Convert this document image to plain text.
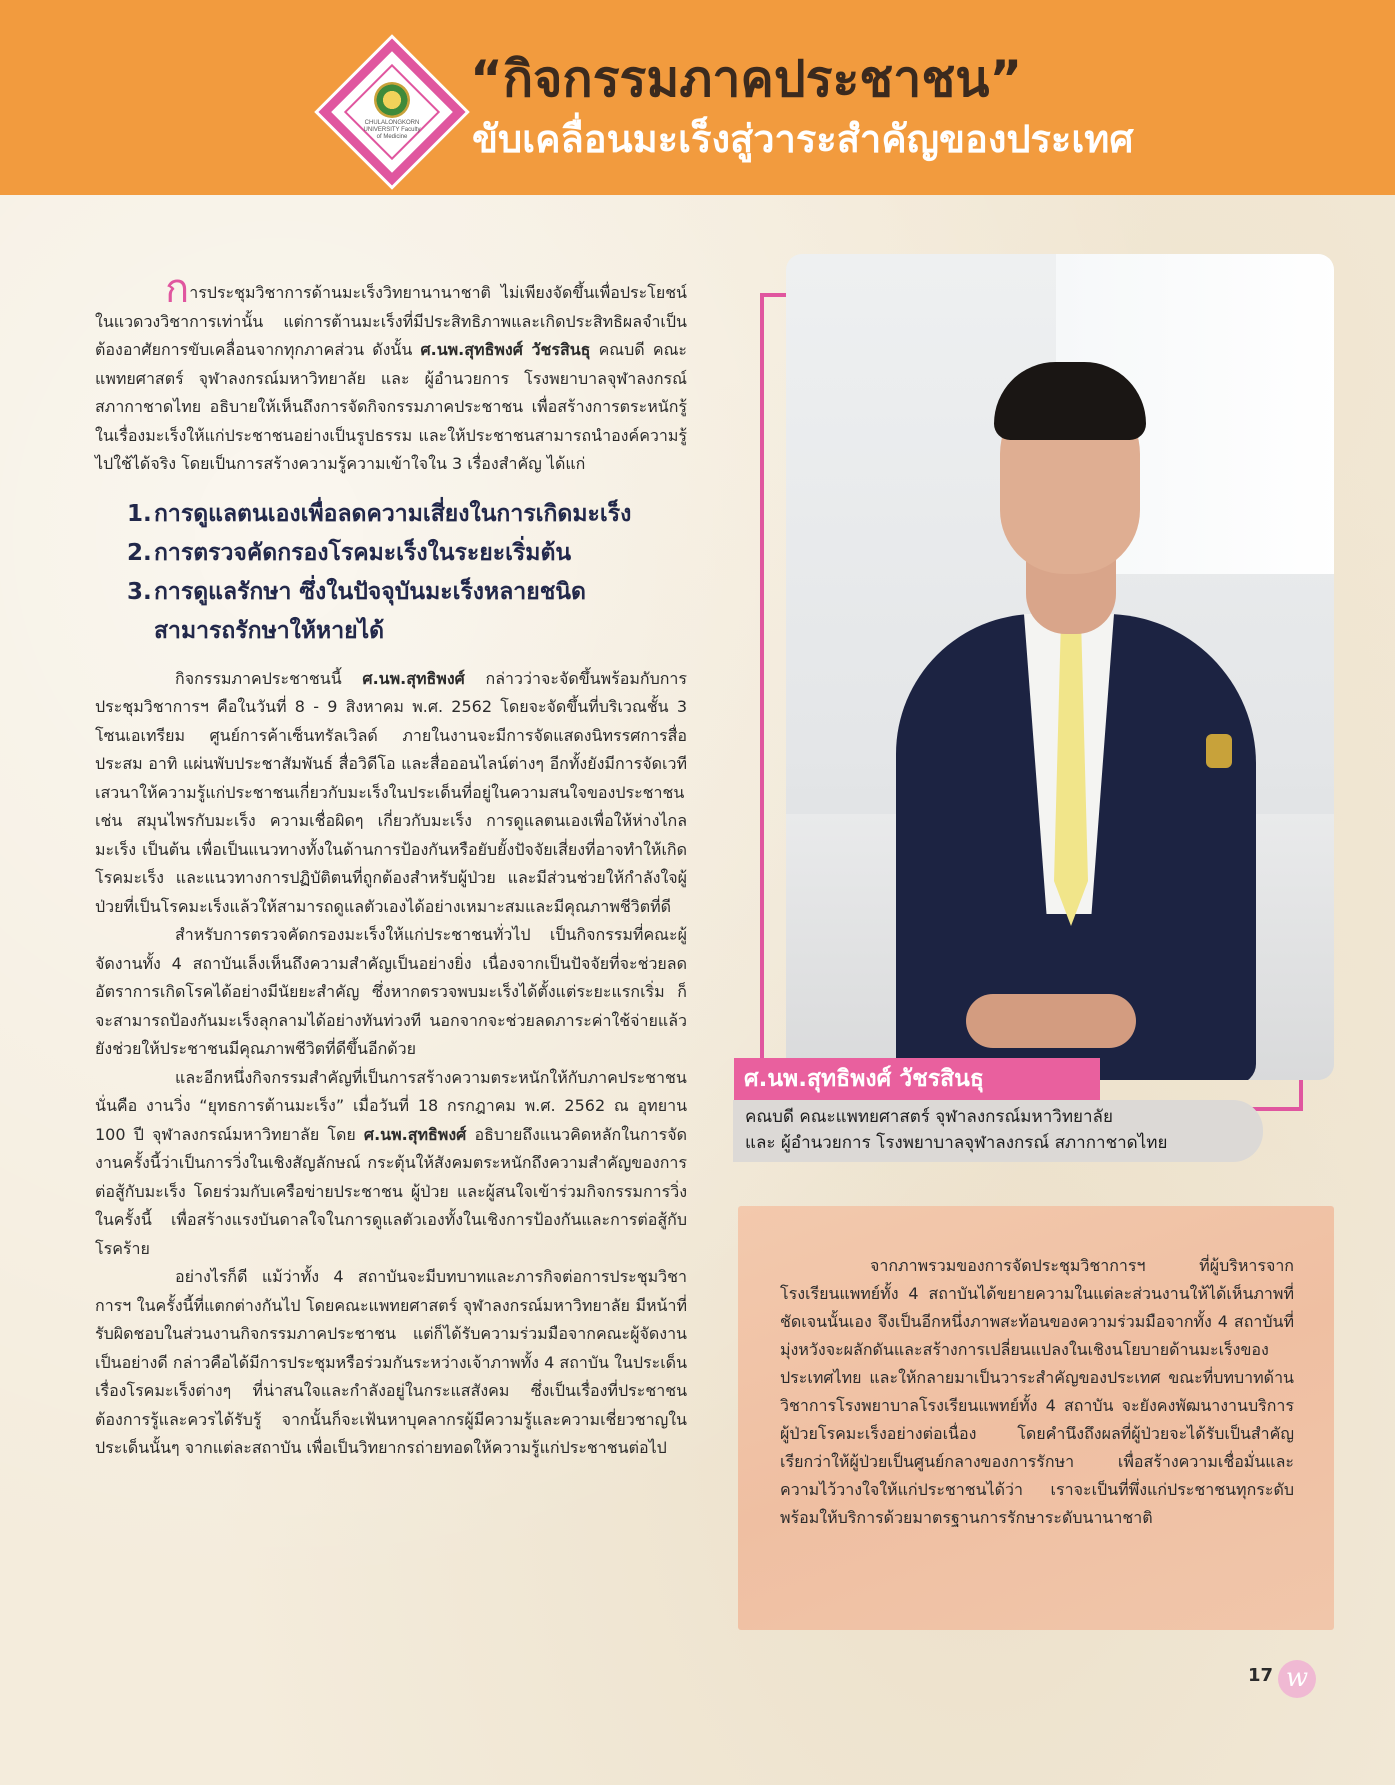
CHULALONGKORN UNIVERSITY Faculty of Medicine
“กิจกรรมภาคประชาชน”
ขับเคลื่อนมะเร็งสู่วาระสำคัญของประเทศ

การประชุมวิชาการด้านมะเร็งวิทยานานาชาติ ไม่เพียงจัดขึ้นเพื่อประโยชน์ในแวดวงวิชาการเท่านั้น แต่การต้านมะเร็งที่มีประสิทธิภาพและเกิดประสิทธิผลจำเป็นต้องอาศัยการขับเคลื่อนจากทุกภาคส่วน ดังนั้น ศ.นพ.สุทธิพงศ์ วัชรสินธุ คณบดี คณะแพทยศาสตร์ จุฬาลงกรณ์มหาวิทยาลัย และ ผู้อำนวยการ โรงพยาบาลจุฬาลงกรณ์ สภากาชาดไทย อธิบายให้เห็นถึงการจัดกิจกรรมภาคประชาชน เพื่อสร้างการตระหนักรู้ในเรื่องมะเร็งให้แก่ประชาชนอย่างเป็นรูปธรรม และให้ประชาชนสามารถนำองค์ความรู้ไปใช้ได้จริง โดยเป็นการสร้างความรู้ความเข้าใจใน 3 เรื่องสำคัญ ได้แก่

1.การดูแลตนเองเพื่อลดความเสี่ยงในการเกิดมะเร็ง
2.การตรวจคัดกรองโรคมะเร็งในระยะเริ่มต้น
3.การดูแลรักษา ซึ่งในปัจจุบันมะเร็งหลายชนิด
สามารถรักษาให้หายได้

กิจกรรมภาคประชาชนนี้ ศ.นพ.สุทธิพงศ์ กล่าวว่าจะจัดขึ้นพร้อมกับการประชุมวิชาการฯ คือในวันที่ 8 - 9 สิงหาคม พ.ศ. 2562 โดยจะจัดขึ้นที่บริเวณชั้น 3 โซนเอเทรียม ศูนย์การค้าเซ็นทรัลเวิลด์ ภายในงานจะมีการจัดแสดงนิทรรศการสื่อประสม อาทิ แผ่นพับประชาสัมพันธ์ สื่อวิดีโอ และสื่อออนไลน์ต่างๆ อีกทั้งยังมีการจัดเวทีเสวนาให้ความรู้แก่ประชาชนเกี่ยวกับมะเร็งในประเด็นที่อยู่ในความสนใจของประชาชน เช่น สมุนไพรกับมะเร็ง ความเชื่อผิดๆ เกี่ยวกับมะเร็ง การดูแลตนเองเพื่อให้ห่างไกลมะเร็ง เป็นต้น เพื่อเป็นแนวทางทั้งในด้านการป้องกันหรือยับยั้งปัจจัยเสี่ยงที่อาจทำให้เกิดโรคมะเร็ง และแนวทางการปฏิบัติตนที่ถูกต้องสำหรับผู้ป่วย และมีส่วนช่วยให้กำลังใจผู้ป่วยที่เป็นโรคมะเร็งแล้วให้สามารถดูแลตัวเองได้อย่างเหมาะสมและมีคุณภาพชีวิตที่ดี

สำหรับการตรวจคัดกรองมะเร็งให้แก่ประชาชนทั่วไป เป็นกิจกรรมที่คณะผู้จัดงานทั้ง 4 สถาบันเล็งเห็นถึงความสำคัญเป็นอย่างยิ่ง เนื่องจากเป็นปัจจัยที่จะช่วยลดอัตราการเกิดโรคได้อย่างมีนัยยะสำคัญ ซึ่งหากตรวจพบมะเร็งได้ตั้งแต่ระยะแรกเริ่ม ก็จะสามารถป้องกันมะเร็งลุกลามได้อย่างทันท่วงที นอกจากจะช่วยลดภาระค่าใช้จ่ายแล้ว ยังช่วยให้ประชาชนมีคุณภาพชีวิตที่ดีขึ้นอีกด้วย

และอีกหนึ่งกิจกรรมสำคัญที่เป็นการสร้างความตระหนักให้กับภาคประชาชนนั่นคือ งานวิ่ง “ยุทธการต้านมะเร็ง” เมื่อวันที่ 18 กรกฎาคม พ.ศ. 2562 ณ อุทยาน 100 ปี จุฬาลงกรณ์มหาวิทยาลัย โดย ศ.นพ.สุทธิพงศ์ อธิบายถึงแนวคิดหลักในการจัดงานครั้งนี้ว่าเป็นการวิ่งในเชิงสัญลักษณ์ กระตุ้นให้สังคมตระหนักถึงความสำคัญของการต่อสู้กับมะเร็ง โดยร่วมกับเครือข่ายประชาชน ผู้ป่วย และผู้สนใจเข้าร่วมกิจกรรมการวิ่งในครั้งนี้ เพื่อสร้างแรงบันดาลใจในการดูแลตัวเองทั้งในเชิงการป้องกันและการต่อสู้กับโรคร้าย

อย่างไรก็ดี แม้ว่าทั้ง 4 สถาบันจะมีบทบาทและภารกิจต่อการประชุมวิชาการฯ ในครั้งนี้ที่แตกต่างกันไป โดยคณะแพทยศาสตร์ จุฬาลงกรณ์มหาวิทยาลัย มีหน้าที่รับผิดชอบในส่วนงานกิจกรรมภาคประชาชน แต่ก็ได้รับความร่วมมือจากคณะผู้จัดงานเป็นอย่างดี กล่าวคือได้มีการประชุมหรือร่วมกันระหว่างเจ้าภาพทั้ง 4 สถาบัน ในประเด็นเรื่องโรคมะเร็งต่างๆ ที่น่าสนใจและกำลังอยู่ในกระแสสังคม ซึ่งเป็นเรื่องที่ประชาชนต้องการรู้และควรได้รับรู้ จากนั้นก็จะเฟ้นหาบุคลากรผู้มีความรู้และความเชี่ยวชาญในประเด็นนั้นๆ จากแต่ละสถาบัน เพื่อเป็นวิทยากรถ่ายทอดให้ความรู้แก่ประชาชนต่อไป

ศ.นพ.สุทธิพงศ์ วัชรสินธุ

คณบดี คณะแพทยศาสตร์ จุฬาลงกรณ์มหาวิทยาลัย

และ ผู้อำนวยการ โรงพยาบาลจุฬาลงกรณ์ สภากาชาดไทย

จากภาพรวมของการจัดประชุมวิชาการฯ ที่ผู้บริหารจากโรงเรียนแพทย์ทั้ง 4 สถาบันได้ขยายความในแต่ละส่วนงานให้ได้เห็นภาพที่ชัดเจนนั้นเอง จึงเป็นอีกหนึ่งภาพสะท้อนของความร่วมมือจากทั้ง 4 สถาบันที่มุ่งหวังจะผลักดันและสร้างการเปลี่ยนแปลงในเชิงนโยบายด้านมะเร็งของประเทศไทย และให้กลายมาเป็นวาระสำคัญของประเทศ ขณะที่บทบาทด้านวิชาการโรงพยาบาลโรงเรียนแพทย์ทั้ง 4 สถาบัน จะยังคงพัฒนางานบริการผู้ป่วยโรคมะเร็งอย่างต่อเนื่อง โดยคำนึงถึงผลที่ผู้ป่วยจะได้รับเป็นสำคัญ เรียกว่าให้ผู้ป่วยเป็นศูนย์กลางของการรักษา เพื่อสร้างความเชื่อมั่นและความไว้วางใจให้แก่ประชาชนได้ว่า เราจะเป็นที่พึ่งแก่ประชาชนทุกระดับพร้อมให้บริการด้วยมาตรฐานการรักษาระดับนานาชาติ

17 w
